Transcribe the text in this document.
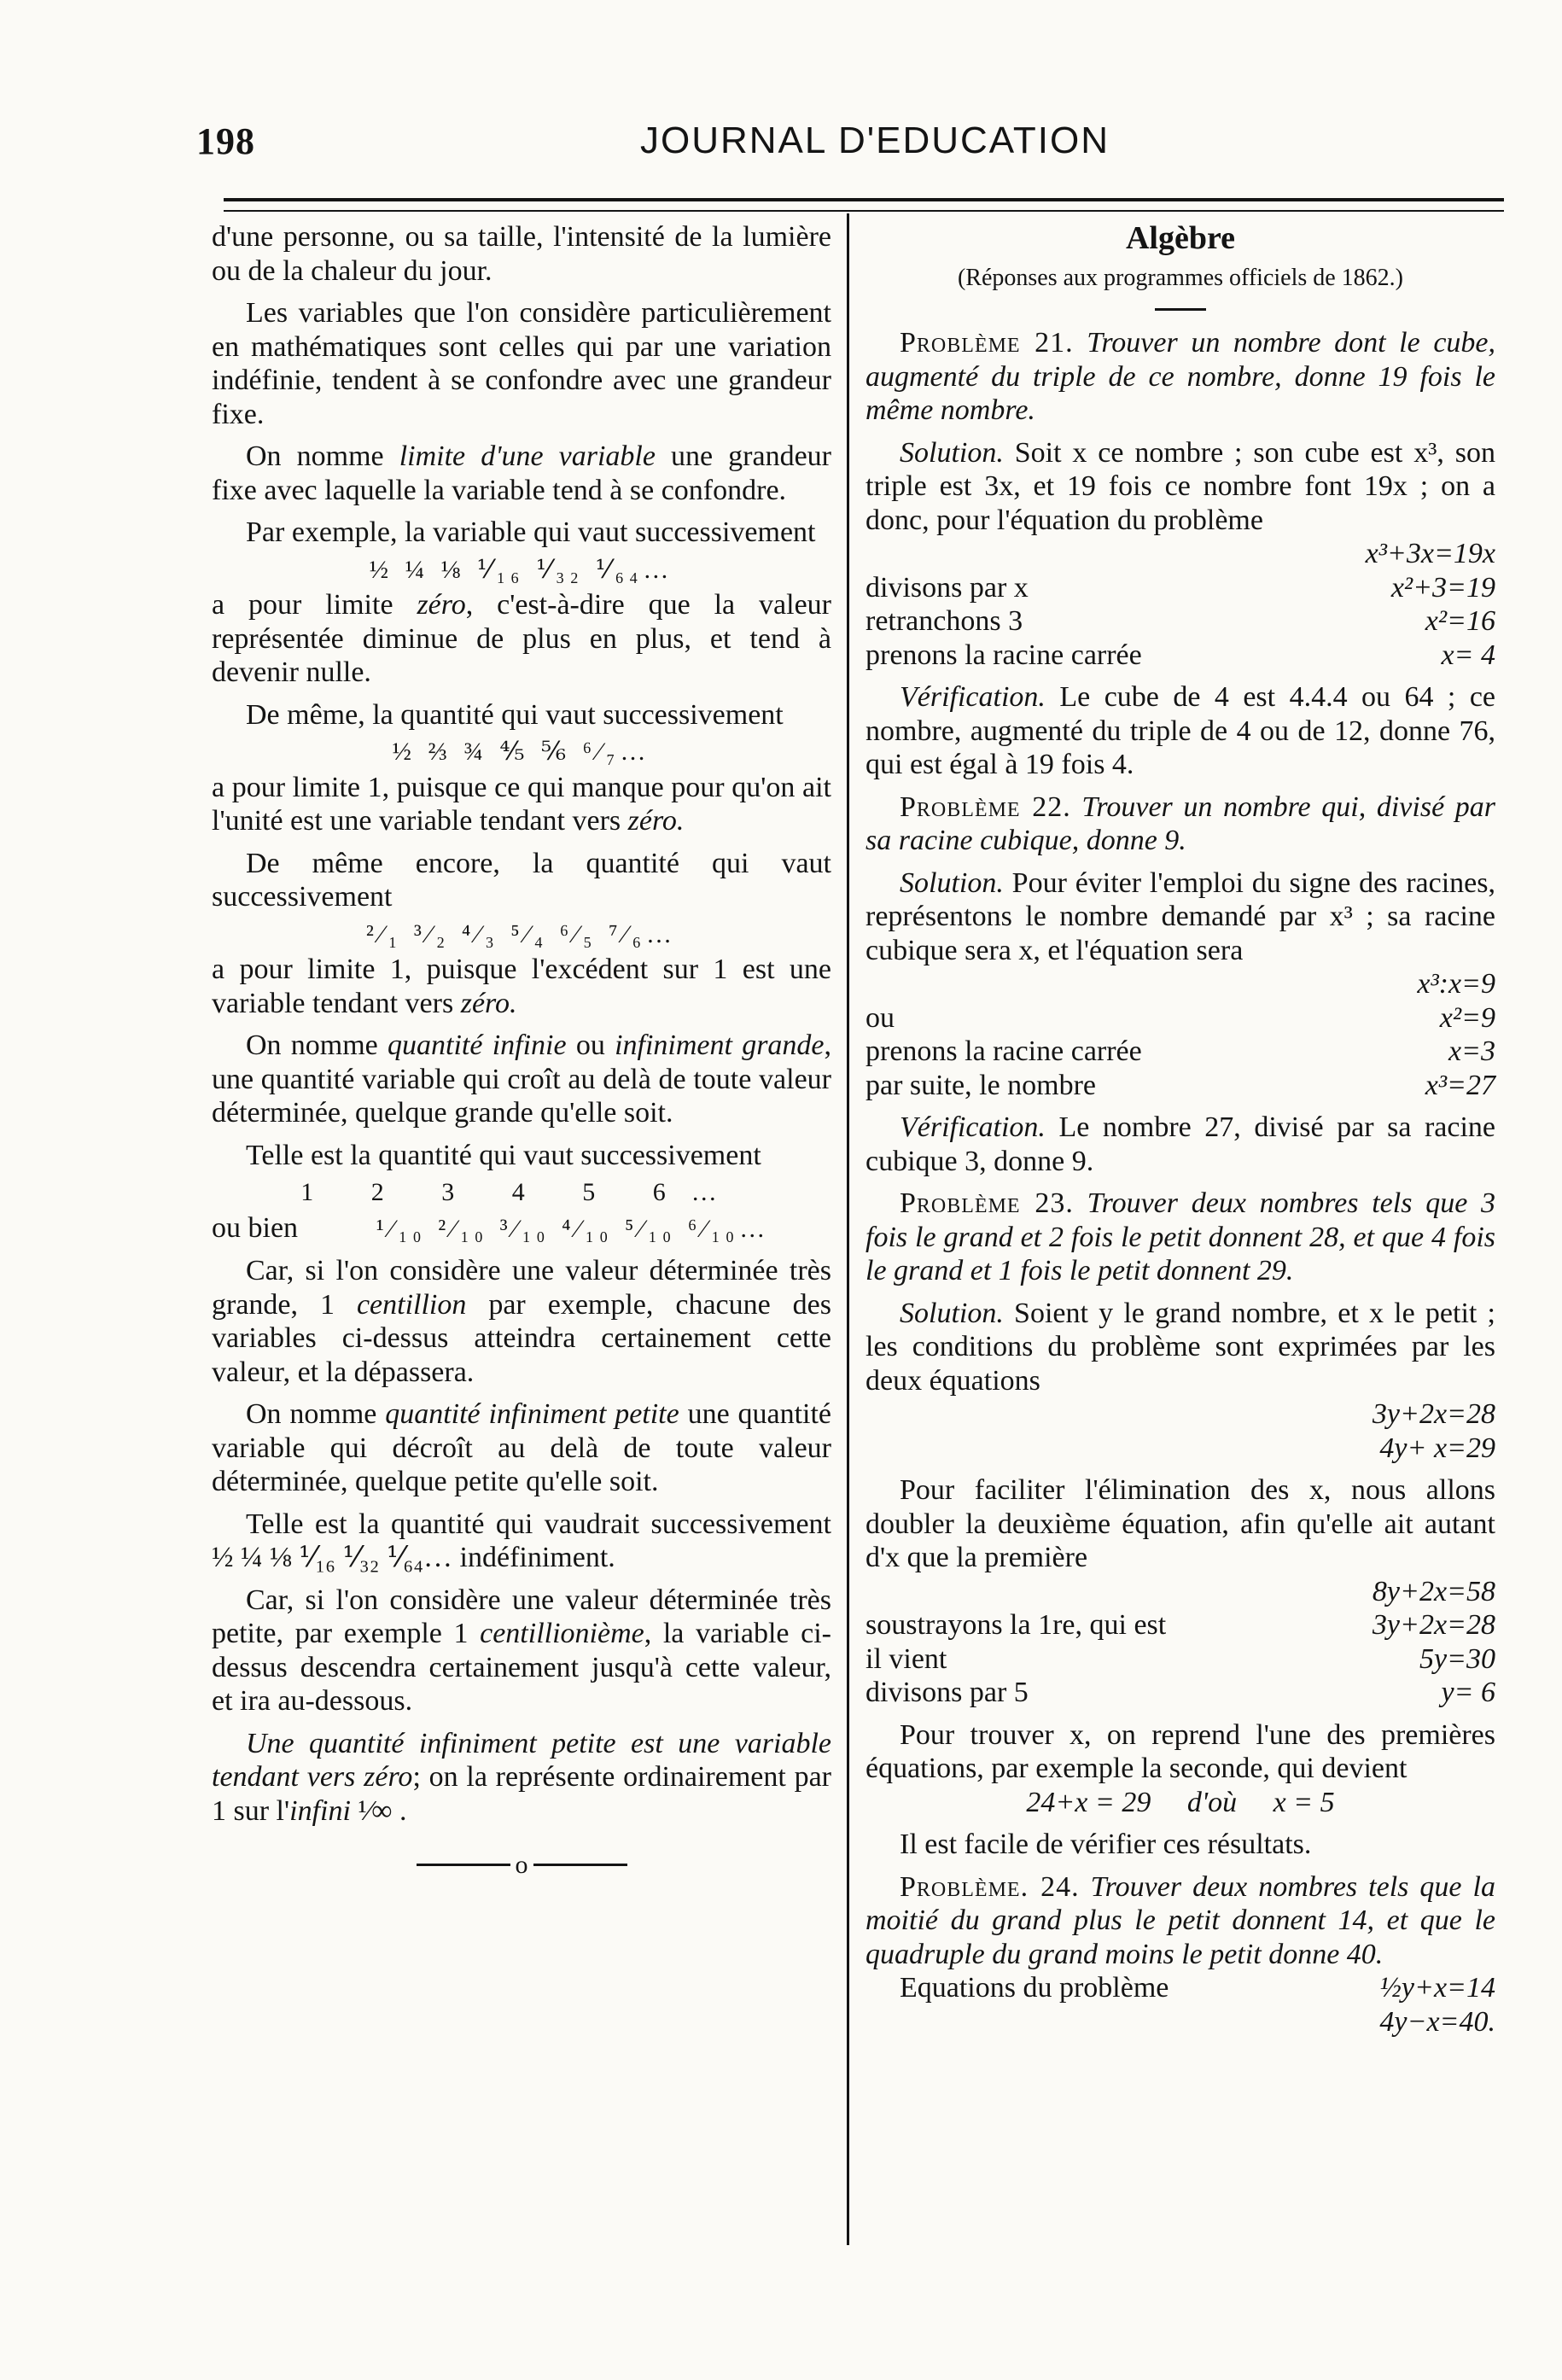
198	JOURNAL D'EDUCATION

d'une personne, ou sa taille, l'intensité de la lumière ou de la chaleur du jour.

Les variables que l'on considère particulièrement en mathématiques sont celles qui par une variation indéfinie, tendent à se confondre avec une grandeur fixe.

On nomme limite d'une variable une grandeur fixe avec laquelle la variable tend à se confondre.

Par exemple, la variable qui vaut successivement

½ ¼ ⅛ ⅟₁₆ ⅟₃₂ ⅟₆₄…

a pour limite zéro, c'est-à-dire que la valeur représentée diminue de plus en plus, et tend à devenir nulle.

De même, la quantité qui vaut successivement

½ ⅔ ¾ ⅘ ⅚ ⁶⁄₇…

a pour limite 1, puisque ce qui manque pour qu'on ait l'unité est une variable tendant vers zéro.

De même encore, la quantité qui vaut successivement

²⁄₁ ³⁄₂ ⁴⁄₃ ⁵⁄₄ ⁶⁄₅ ⁷⁄₆…

a pour limite 1, puisque l'excédent sur 1 est une variable tendant vers zéro.

On nomme quantité infinie ou infiniment grande, une quantité variable qui croît au delà de toute valeur déterminée, quelque grande qu'elle soit.

Telle est la quantité qui vaut successivement

1 2 3 4 5 6…
ou bien	¹⁄₁₀ ²⁄₁₀ ³⁄₁₀ ⁴⁄₁₀ ⁵⁄₁₀ ⁶⁄₁₀…

Car, si l'on considère une valeur déterminée très grande, 1 centillion par exemple, chacune des variables ci-dessus atteindra certainement cette valeur, et la dépassera.

On nomme quantité infiniment petite une quantité variable qui décroît au delà de toute valeur déterminée, quelque petite qu'elle soit.

Telle est la quantité qui vaudrait successivement ½ ¼ ⅛ ⅟₁₆ ⅟₃₂ ⅟₆₄… indéfiniment.

Car, si l'on considère une valeur déterminée très petite, par exemple 1 centillionième, la variable ci-dessus descendra certainement jusqu'à cette valeur, et ira au-dessous.

Une quantité infiniment petite est une variable tendant vers zéro; on la représente ordinairement par 1 sur l'infini ¹⁄∞ .

o
Algèbre
(Réponses aux programmes officiels de 1862.)

Problème 21. Trouver un nombre dont le cube, augmenté du triple de ce nombre, donne 19 fois le même nombre.

Solution. Soit x ce nombre ; son cube est x³, son triple est 3x, et 19 fois ce nombre font 19x ; on a donc, pour l'équation du problème

x³+3x=19x
divisons par x	x²+3=19
retranchons 3	x²=16
prenons la racine carrée	x= 4

Vérification. Le cube de 4 est 4.4.4 ou 64 ; ce nombre, augmenté du triple de 4 ou de 12, donne 76, qui est égal à 19 fois 4.

Problème 22. Trouver un nombre qui, divisé par sa racine cubique, donne 9.

Solution. Pour éviter l'emploi du signe des racines, représentons le nombre demandé par x³ ; sa racine cubique sera x, et l'équation sera

x³:x=9
ou	x²=9
prenons la racine carrée	x=3
par suite, le nombre	x³=27

Vérification. Le nombre 27, divisé par sa racine cubique 3, donne 9.

Problème 23. Trouver deux nombres tels que 3 fois le grand et 2 fois le petit donnent 28, et que 4 fois le grand et 1 fois le petit donnent 29.

Solution. Soient y le grand nombre, et x le petit ; les conditions du problème sont exprimées par les deux équations

3y+2x=28
4y+ x=29

Pour faciliter l'élimination des x, nous allons doubler la deuxième équation, afin qu'elle ait autant d'x que la première

8y+2x=58
soustrayons la 1re, qui est	3y+2x=28
il vient	5y=30
divisons par 5	y= 6

Pour trouver x, on reprend l'une des premières équations, par exemple la seconde, qui devient

24+x = 29     d'où     x = 5

Il est facile de vérifier ces résultats.

Problème. 24. Trouver deux nombres tels que la moitié du grand plus le petit donnent 14, et que le quadruple du grand moins le petit donne 40.

Equations du problème	½y+x=14
4y−x=40.
